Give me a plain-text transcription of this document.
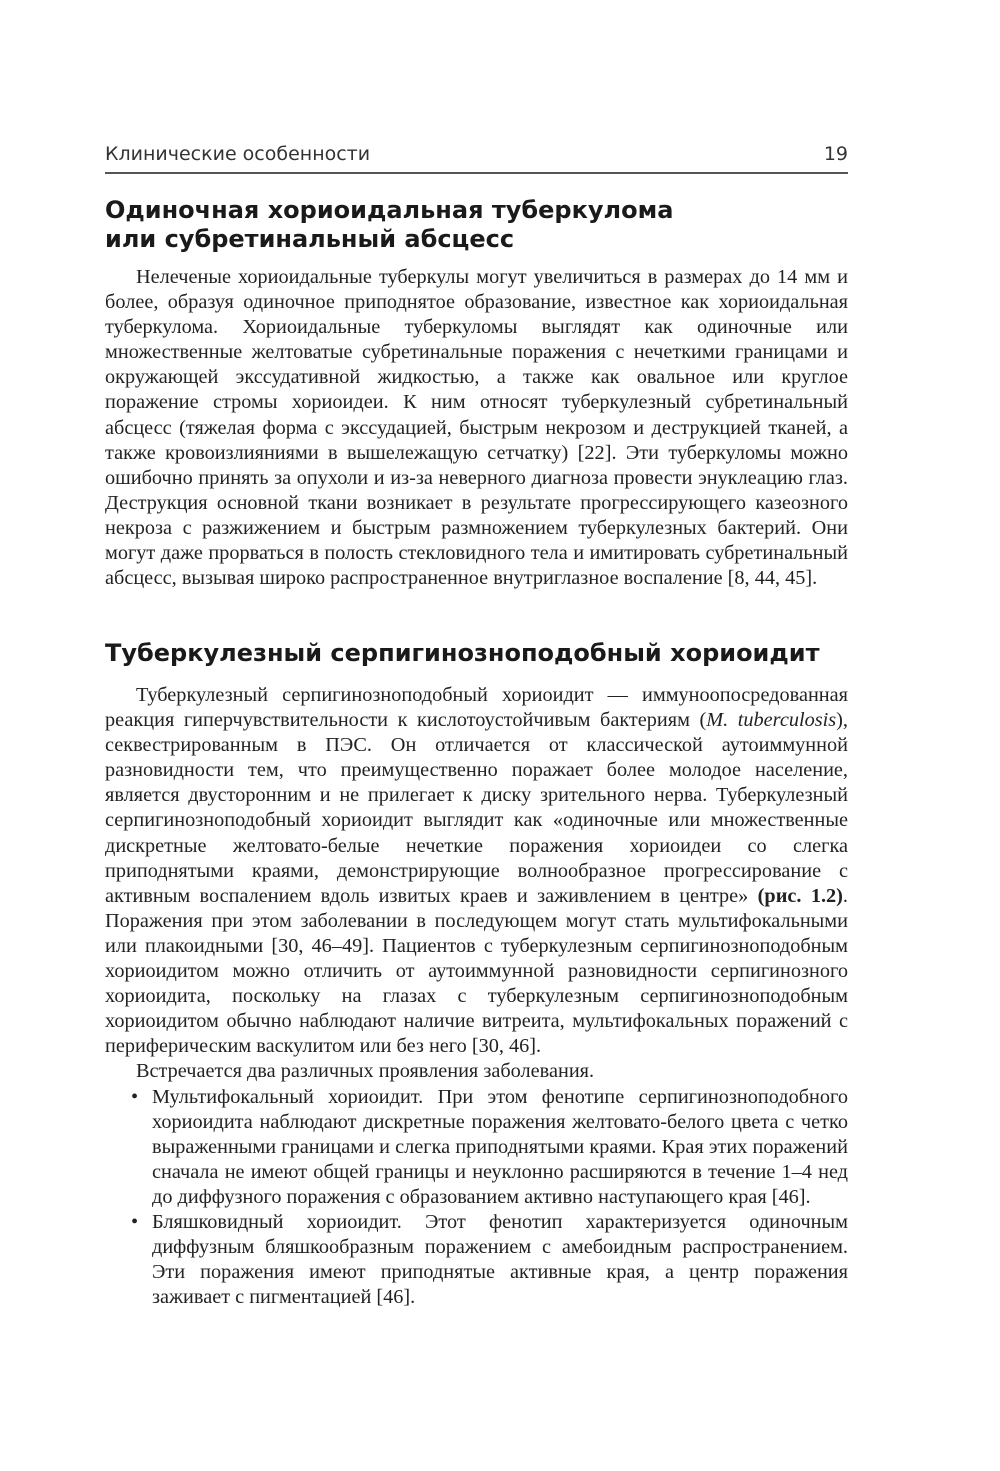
Клинические особенности	19
Одиночная хориоидальная туберкулома
или субретинальный абсцесс

Нелеченые хориоидальные туберкулы могут увеличиться в размерах до 14 мм и более, образуя одиночное приподнятое образование, известное как хориоидальная туберкулома. Хориоидальные туберкуломы выглядят как одиночные или множественные желтоватые субретинальные поражения с нечеткими границами и окружающей экссудативной жидкостью, а также как овальное или круглое поражение стромы хориоидеи. К ним относят туберкулезный субретинальный абсцесс (тяжелая форма с экссудацией, быстрым некрозом и деструкцией тканей, а также кровоизлияниями в вышележащую сетчатку) [22]. Эти туберкуломы можно ошибочно принять за опухоли и из-за неверного диагноза провести энуклеацию глаз. Деструкция основной ткани возникает в результате прогрессирующего казеозного некроза с разжижением и быстрым размножением туберкулезных бактерий. Они могут даже прорваться в полость стекловидного тела и имитировать субретинальный абсцесс, вызывая широко распространенное внутриглазное воспаление [8, 44, 45].

Туберкулезный серпигинозноподобный хориоидит

Туберкулезный серпигинозноподобный хориоидит — иммуноопосредованная реакция гиперчувствительности к кислотоустойчивым бактериям (M. tuberculosis), секвестрированным в ПЭС. Он отличается от классической аутоиммунной разновидности тем, что преимущественно поражает более молодое население, является двусторонним и не прилегает к диску зрительного нерва. Туберкулезный серпигинозноподобный хориоидит выглядит как «одиночные или множественные дискретные желтовато-белые нечеткие поражения хориоидеи со слегка приподнятыми краями, демонстрирующие волнообразное прогрессирование с активным воспалением вдоль извитых краев и заживлением в центре» (рис. 1.2). Поражения при этом заболевании в последующем могут стать мультифокальными или плакоидными [30, 46–49]. Пациентов с туберкулезным серпигинозноподобным хориоидитом можно отличить от аутоиммунной разновидности серпигинозного хориоидита, поскольку на глазах с туберкулезным серпигинозноподобным хориоидитом обычно наблюдают наличие витреита, мультифокальных поражений с периферическим васкулитом или без него [30, 46].

Встречается два различных проявления заболевания.

• Мультифокальный хориоидит. При этом фенотипе серпигинозноподобного хориоидита наблюдают дискретные поражения желтовато-белого цвета с четко выраженными границами и слегка приподнятыми краями. Края этих поражений сначала не имеют общей границы и неуклонно расширяются в течение 1–4 нед до диффузного поражения с образованием активно наступающего края [46].
• Бляшковидный хориоидит. Этот фенотип характеризуется одиночным диффузным бляшкообразным поражением с амебоидным распространением. Эти поражения имеют приподнятые активные края, а центр поражения заживает с пигментацией [46].
